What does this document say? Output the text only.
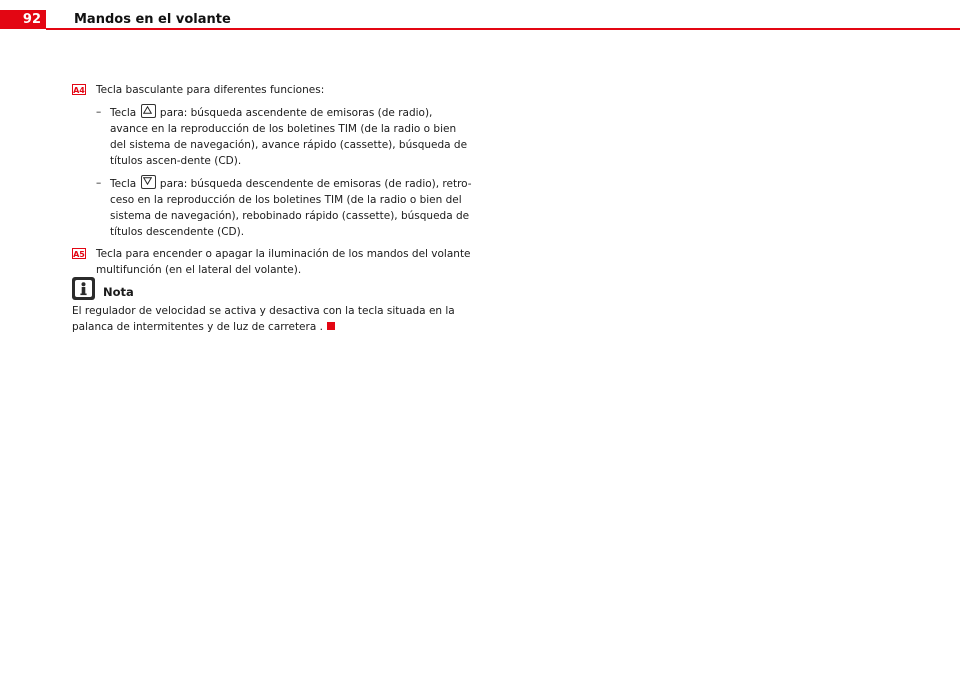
92	Mandos en el volante
A4 Tecla basculante para diferentes funciones:
– Tecla para: búsqueda ascendente de emisoras (de radio), avance en la reproducción de los boletines TIM (de la radio o bien del sistema de navegación), avance rápido (cassette), búsqueda de títulos ascen-dente (CD).
– Tecla para: búsqueda descendente de emisoras (de radio), retro-ceso en la reproducción de los boletines TIM (de la radio o bien del sistema de navegación), rebobinado rápido (cassette), búsqueda de títulos descendente (CD).
A5 Tecla para encender o apagar la iluminación de los mandos del volante multifunción (en el lateral del volante).
Nota
El regulador de velocidad se activa y desactiva con la tecla situada en la palanca de intermitentes y de luz de carretera .
